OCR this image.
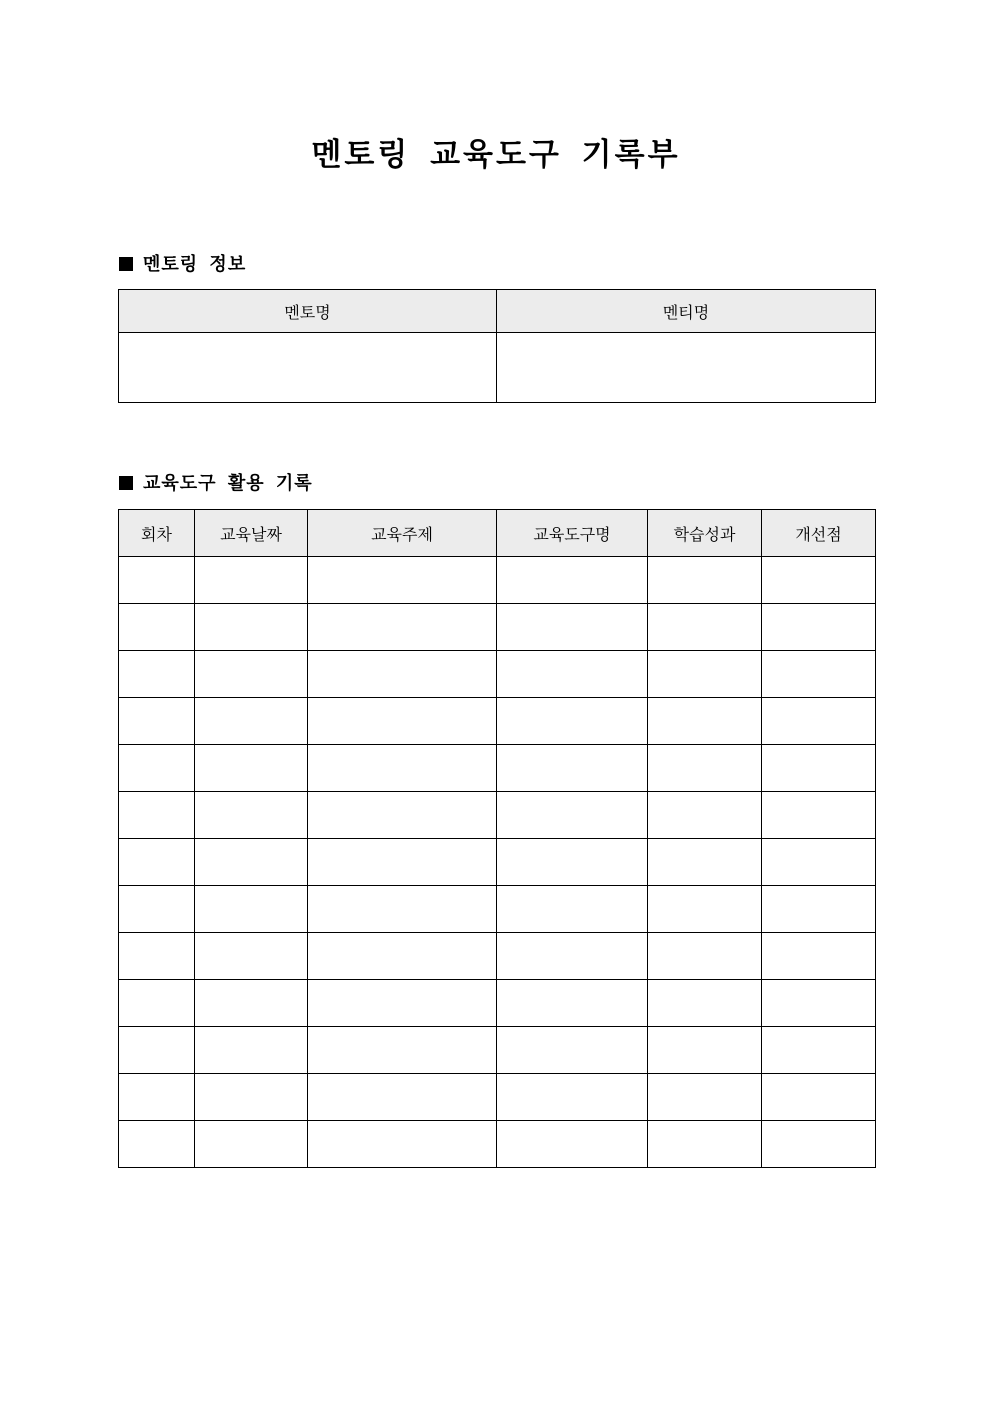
멘토링 교육도구 기록부
멘토링 정보
멘토명	멘티명

교육도구 활용 기록
회차	교육날짜	교육주제	교육도구명	학습성과	개선점
